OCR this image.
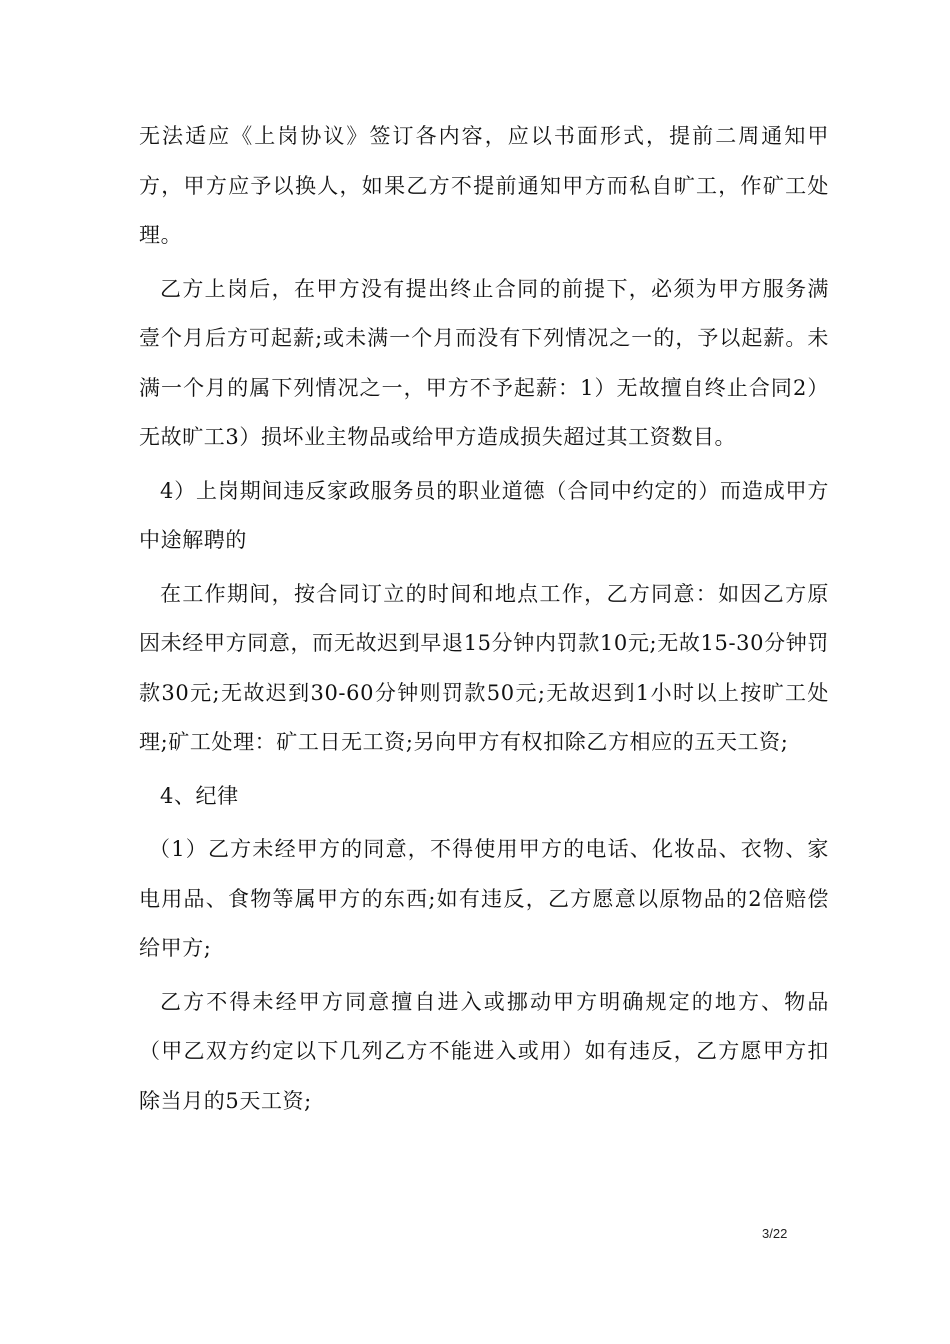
无法适应《上岗协议》签订各内容，应以书面形式，提前二周通知甲方，甲方应予以换人，如果乙方不提前通知甲方而私自旷工，作矿工处理。

乙方上岗后，在甲方没有提出终止合同的前提下，必须为甲方服务满壹个月后方可起薪;或未满一个月而没有下列情况之一的，予以起薪。未满一个月的属下列情况之一，甲方不予起薪：1）无故擅自终止合同2）无故旷工3）损坏业主物品或给甲方造成损失超过其工资数目。

4）上岗期间违反家政服务员的职业道德（合同中约定的）而造成甲方中途解聘的

在工作期间，按合同订立的时间和地点工作，乙方同意：如因乙方原因未经甲方同意，而无故迟到早退15分钟内罚款10元;无故15-30分钟罚款30元;无故迟到30-60分钟则罚款50元;无故迟到1小时以上按旷工处理;矿工处理：矿工日无工资;另向甲方有权扣除乙方相应的五天工资;

4、纪律

（1）乙方未经甲方的同意，不得使用甲方的电话、化妆品、衣物、家电用品、食物等属甲方的东西;如有违反，乙方愿意以原物品的2倍赔偿给甲方;

乙方不得未经甲方同意擅自进入或挪动甲方明确规定的地方、物品（甲乙双方约定以下几列乙方不能进入或用）如有违反，乙方愿甲方扣除当月的5天工资;

3/22
